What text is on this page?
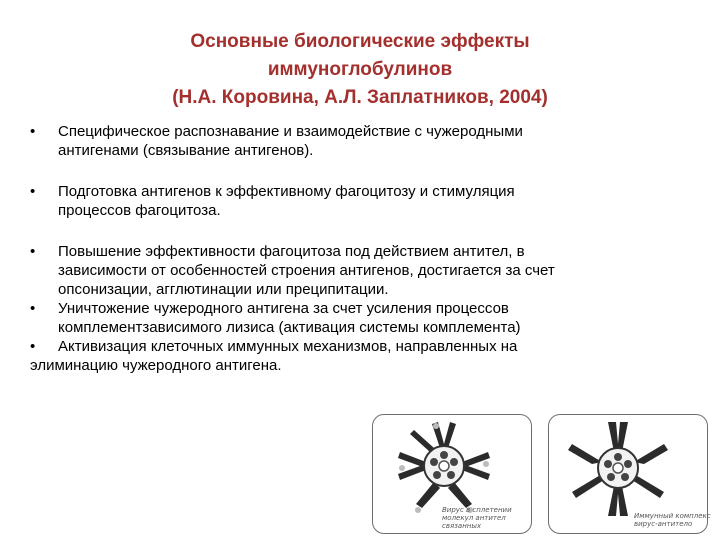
Основные биологические эффекты
иммуноглобулинов
(Н.А. Коровина, А.Л. Заплатников, 2004)
• Специфическое распознавание и взаимодействие с чужеродными
антигенами (связывание антигенов).
• Подготовка антигенов к эффективному фагоцитозу и стимуляция
процессов фагоцитоза.
• Повышение эффективности фагоцитоза под действием антител, в
зависимости от особенностей строения антигенов, достигается за счет
опсонизации, агглютинации или преципитации.
• Уничтожение чужеродного антигена за счет усиления процессов
комплементзависимого лизиса (активация системы комплемента)
• Активизация клеточных иммунных механизмов, направленных на
элиминацию чужеродного антигена.
Вирус в сплетении
молекул антител
связанных
Иммунный комплекс
вирус-антитело
